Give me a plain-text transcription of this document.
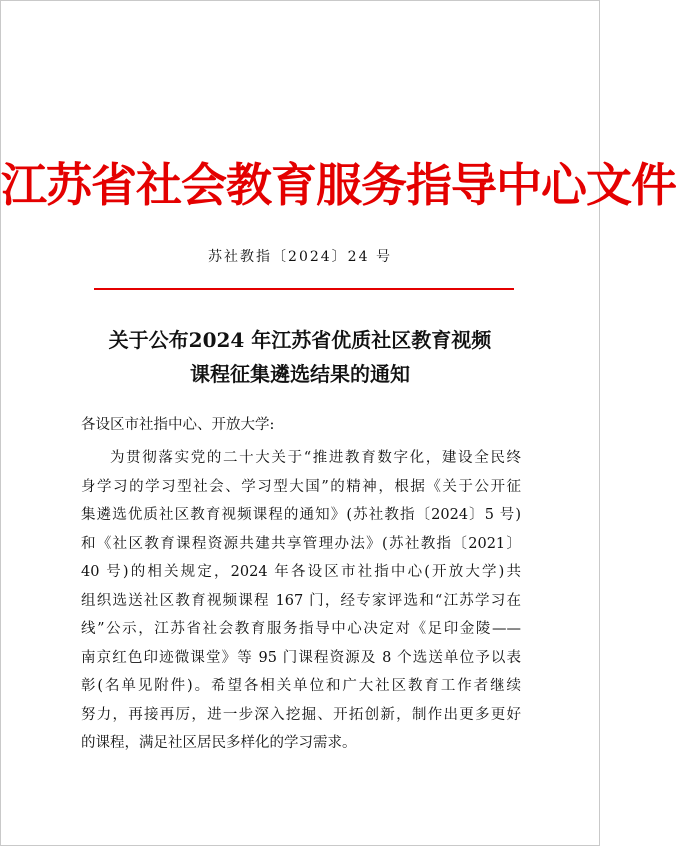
江苏省社会教育服务指导中心文件
苏社教指〔2024〕24 号
关于公布2024 年江苏省优质社区教育视频
课程征集遴选结果的通知
各设区市社指中心、开放大学:
为贯彻落实党的二十大关于“推进教育数字化，建设全民终
身学习的学习型社会、学习型大国”的精神，根据《关于公开征
集遴选优质社区教育视频课程的通知》(苏社教指〔2024〕5 号)
和《社区教育课程资源共建共享管理办法》(苏社教指〔2021〕
40 号)的相关规定，2024 年各设区市社指中心(开放大学)共
组织选送社区教育视频课程 167 门，经专家评选和“江苏学习在
线”公示，江苏省社会教育服务指导中心决定对《足印金陵——
南京红色印迹微课堂》等 95 门课程资源及 8 个选送单位予以表
彰(名单见附件)。希望各相关单位和广大社区教育工作者继续
努力，再接再厉，进一步深入挖掘、开拓创新，制作出更多更好
的课程，满足社区居民多样化的学习需求。
